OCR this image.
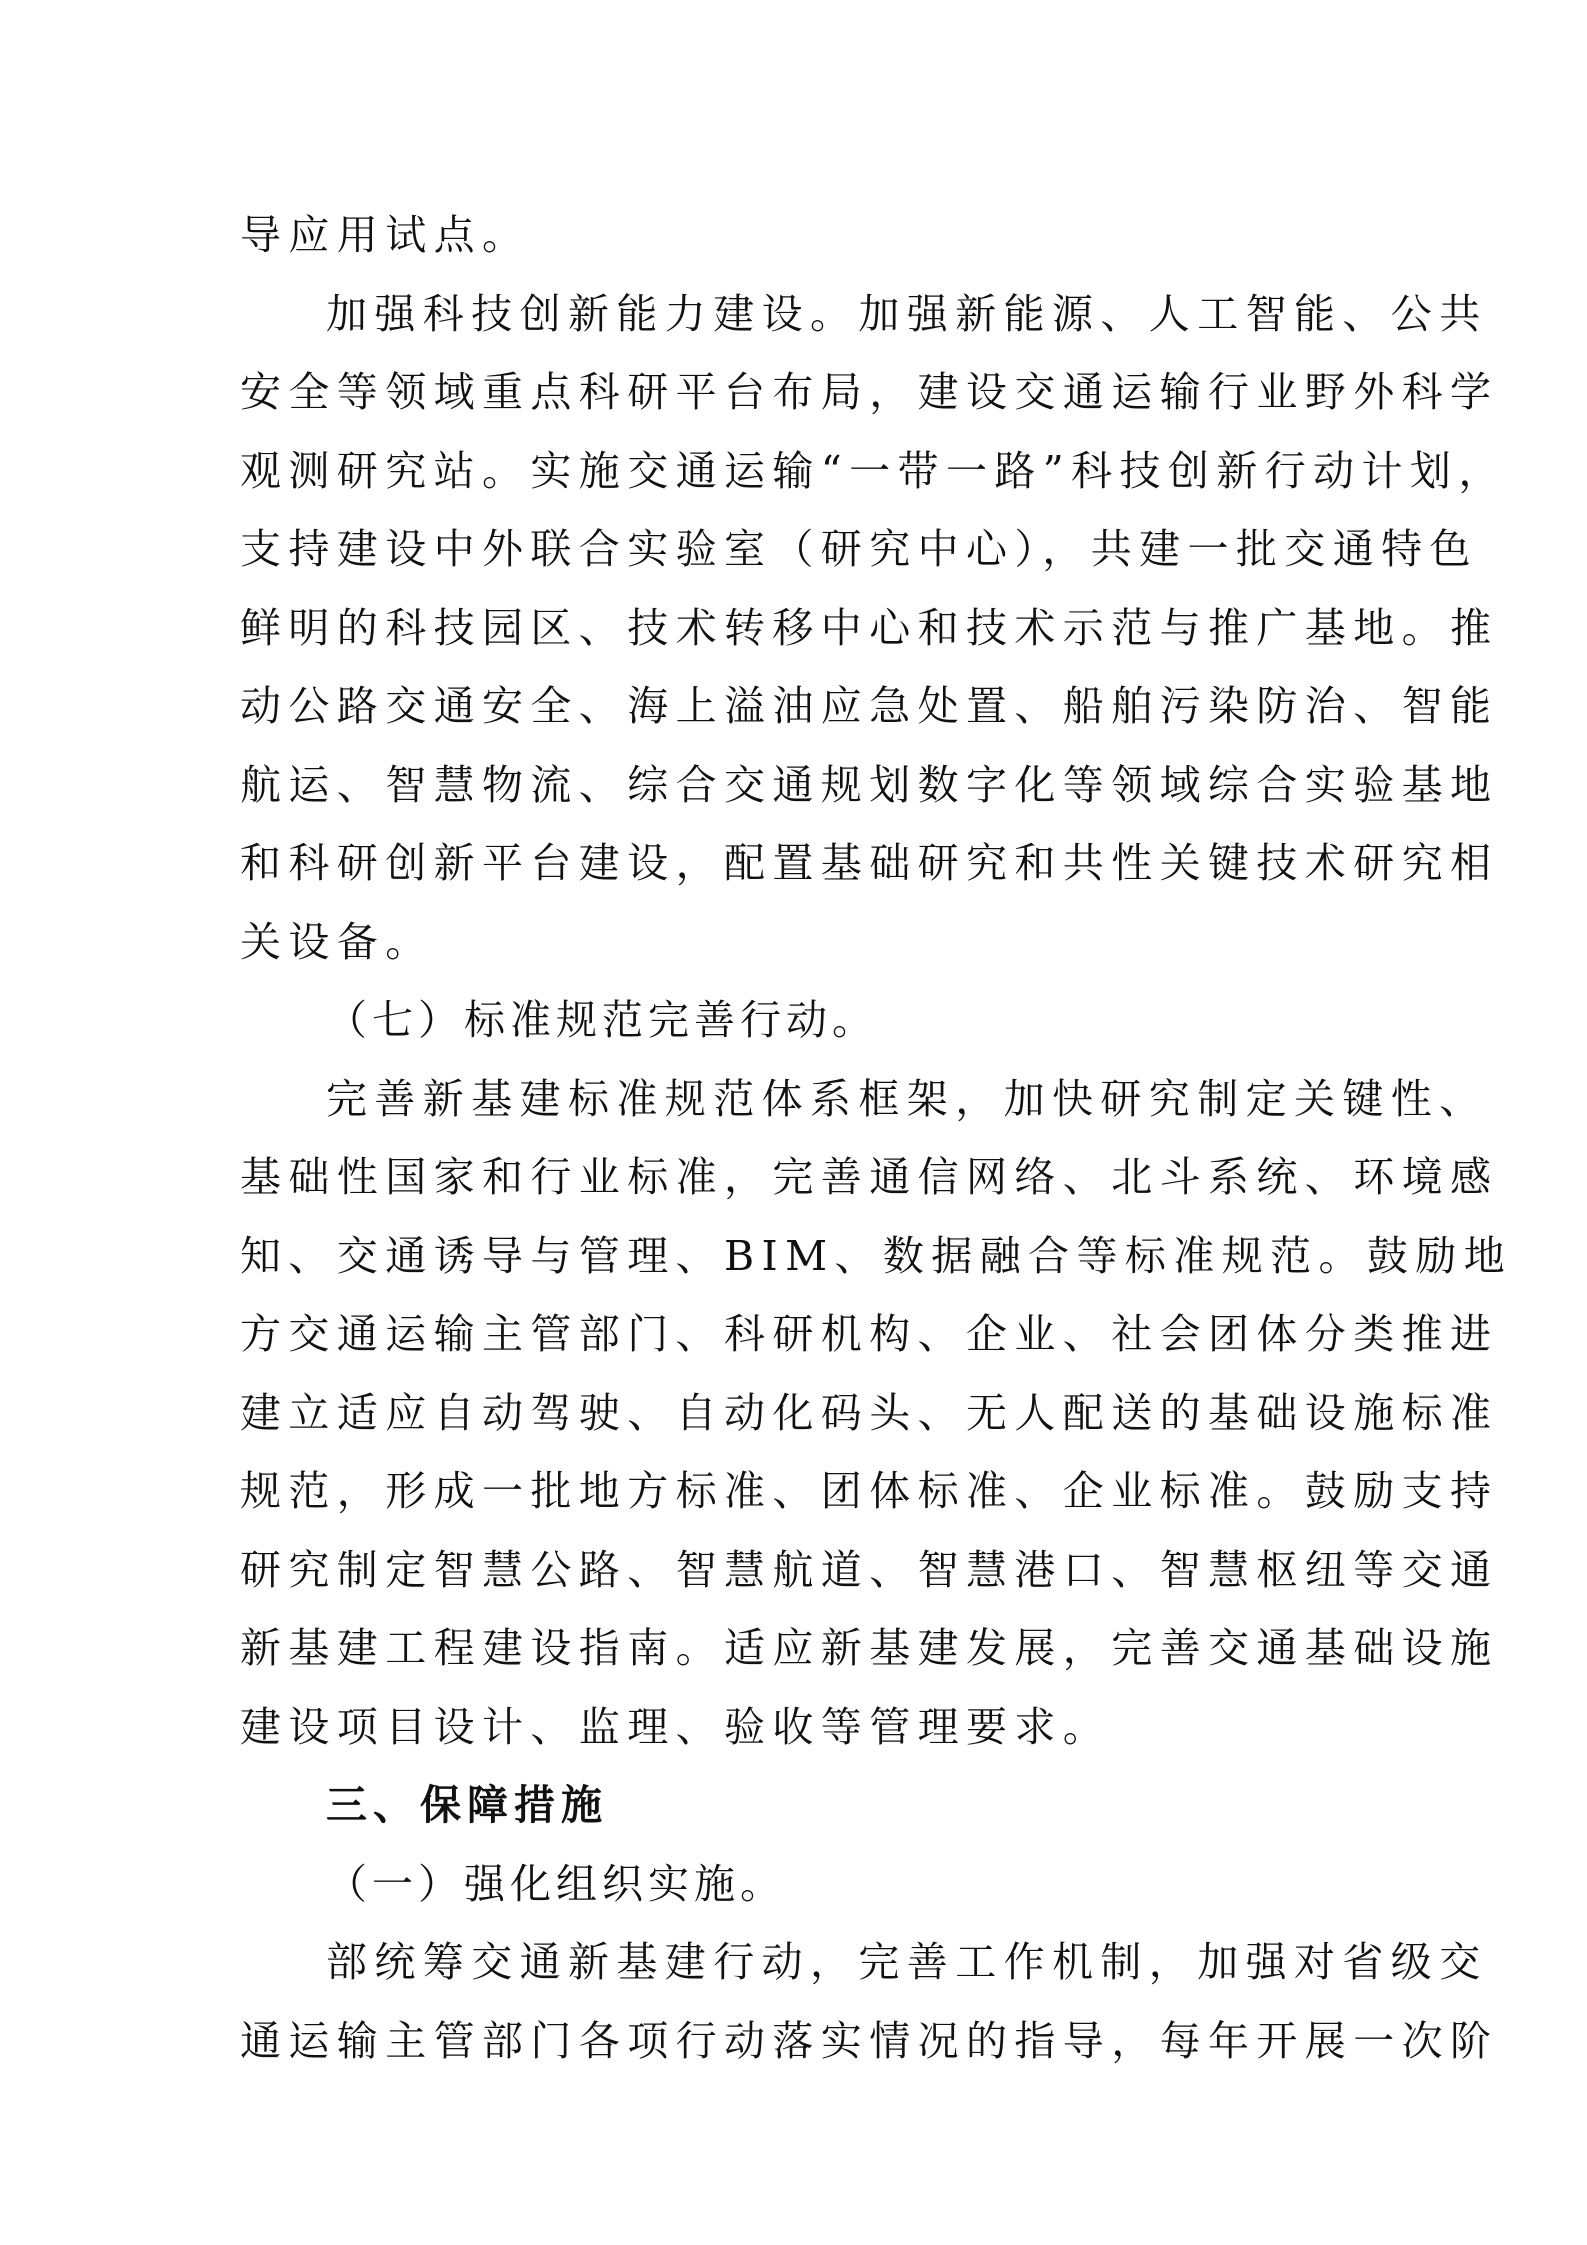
导应用试点。
加强科技创新能力建设。加强新能源、人工智能、公共
安全等领域重点科研平台布局，建设交通运输行业野外科学
观测研究站。实施交通运输“一带一路”科技创新行动计划，
支持建设中外联合实验室（研究中心），共建一批交通特色
鲜明的科技园区、技术转移中心和技术示范与推广基地。推
动公路交通安全、海上溢油应急处置、船舶污染防治、智能
航运、智慧物流、综合交通规划数字化等领域综合实验基地
和科研创新平台建设，配置基础研究和共性关键技术研究相
关设备。
（七）标准规范完善行动。
完善新基建标准规范体系框架，加快研究制定关键性、
基础性国家和行业标准，完善通信网络、北斗系统、环境感
知、交通诱导与管理、BIM、数据融合等标准规范。鼓励地
方交通运输主管部门、科研机构、企业、社会团体分类推进
建立适应自动驾驶、自动化码头、无人配送的基础设施标准
规范，形成一批地方标准、团体标准、企业标准。鼓励支持
研究制定智慧公路、智慧航道、智慧港口、智慧枢纽等交通
新基建工程建设指南。适应新基建发展，完善交通基础设施
建设项目设计、监理、验收等管理要求。
三、保障措施
（一）强化组织实施。
部统筹交通新基建行动，完善工作机制，加强对省级交
通运输主管部门各项行动落实情况的指导，每年开展一次阶
